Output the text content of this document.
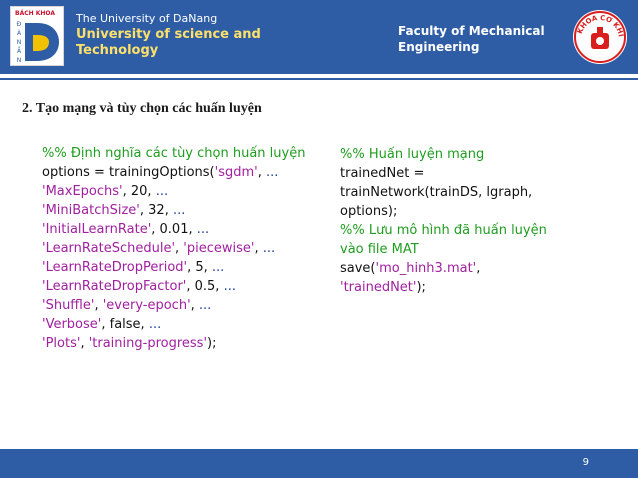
BÁCH KHOA
Đ
À
N
Ẵ
N
The University of DaNang
University of science and Technology
Faculty of Mechanical Engineering
KHOA CƠ KHÍ
2. Tạo mạng và tùy chọn các huấn luyện
%% Định nghĩa các tùy chọn huấn luyện
options = trainingOptions('sgdm', ...
'MaxEpochs', 20, ...
'MiniBatchSize', 32, ...
'InitialLearnRate', 0.01, ...
'LearnRateSchedule', 'piecewise', ...
'LearnRateDropPeriod', 5, ...
'LearnRateDropFactor', 0.5, ...
'Shuffle', 'every-epoch', ...
'Verbose', false, ...
'Plots', 'training-progress');
%% Huấn luyện mạng
trainedNet =
trainNetwork(trainDS, lgraph,
options);
%% Lưu mô hình đã huấn luyện
vào file MAT
save('mo_hinh3.mat',
'trainedNet');
9
